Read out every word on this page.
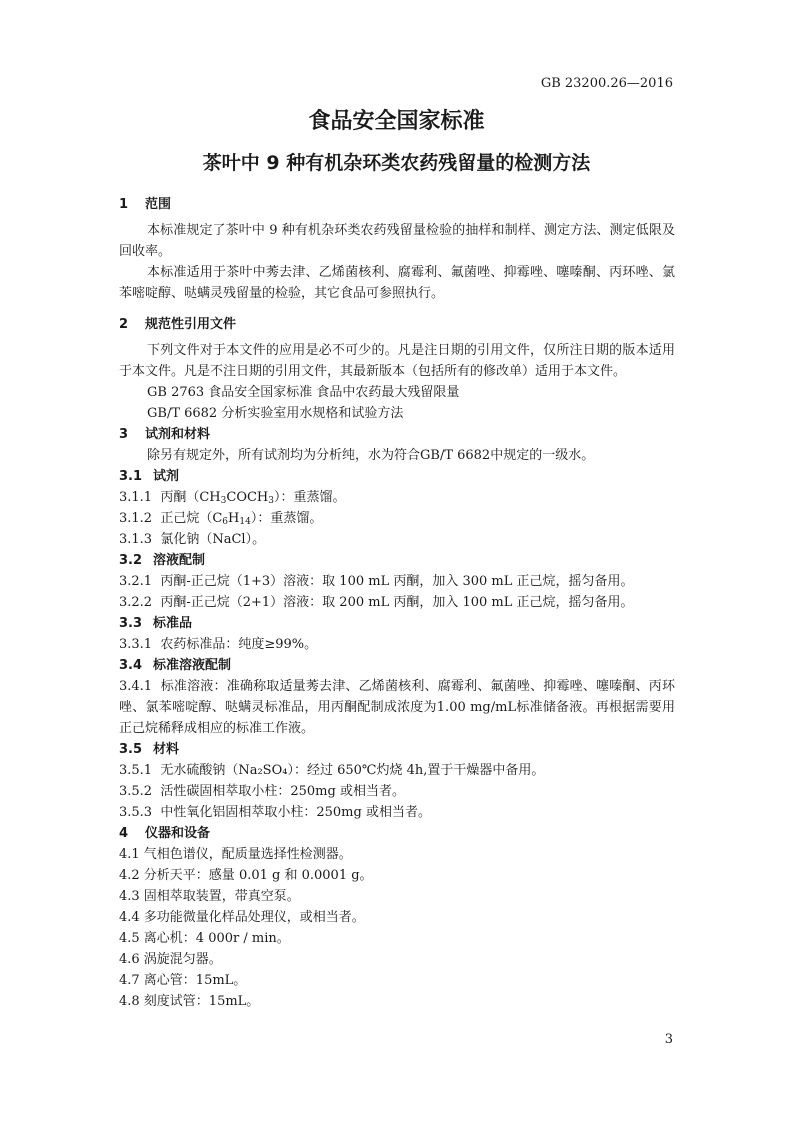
GB 23200.26—2016
食品安全国家标准
茶叶中 9 种有机杂环类农药残留量的检测方法
1 范围

本标准规定了茶叶中 9 种有机杂环类农药残留量检验的抽样和制样、测定方法、测定低限及回收率。

本标准适用于茶叶中莠去津、乙烯菌核利、腐霉利、氟菌唑、抑霉唑、噻嗪酮、丙环唑、氯苯嘧啶醇、哒螨灵残留量的检验，其它食品可参照执行。

2 规范性引用文件

下列文件对于本文件的应用是必不可少的。凡是注日期的引用文件，仅所注日期的版本适用于本文件。凡是不注日期的引用文件，其最新版本（包括所有的修改单）适用于本文件。

GB 2763 食品安全国家标准 食品中农药最大残留限量
GB/T 6682 分析实验室用水规格和试验方法
3 试剂和材料
除另有规定外，所有试剂均为分析纯，水为符合GB/T 6682中规定的一级水。
3.1 试剂
3.1.1 丙酮$(CH_3COCH_3)$：重蒸馏。
3.1.2 正己烷$(C_6H_{14})$：重蒸馏。
3.1.3 氯化钠（NaCl）。
3.2 溶液配制
3.2.1 丙酮-正己烷（1+3）溶液：取 100 mL 丙酮，加入 300 mL 正己烷，摇匀备用。
3.2.2 丙酮-正己烷（2+1）溶液：取 200 mL 丙酮，加入 100 mL 正己烷，摇匀备用。
3.3 标准品
3.3.1 农药标准品：纯度≥99%。
3.4 标准溶液配制

3.4.1 标准溶液：准确称取适量莠去津、乙烯菌核利、腐霉利、氟菌唑、抑霉唑、噻嗪酮、丙环唑、氯苯嘧啶醇、哒螨灵标准品，用丙酮配制成浓度为1.00 mg/mL标准储备液。再根据需要用正己烷稀释成相应的标准工作液。

3.5 材料
3.5.1 无水硫酸钠（Na₂SO₄）：经过 650℃灼烧 4h,置于干燥器中备用。
3.5.2 活性碳固相萃取小柱：250mg 或相当者。
3.5.3 中性氧化铝固相萃取小柱：250mg 或相当者。
4 仪器和设备
4.1 气相色谱仪，配质量选择性检测器。
4.2 分析天平：感量 0.01 g 和 0.0001 g。
4.3 固相萃取装置，带真空泵。
4.4 多功能微量化样品处理仪，或相当者。
4.5 离心机：4 000r / min。
4.6 涡旋混匀器。
4.7 离心管：15mL。
4.8 刻度试管：15mL。
3
